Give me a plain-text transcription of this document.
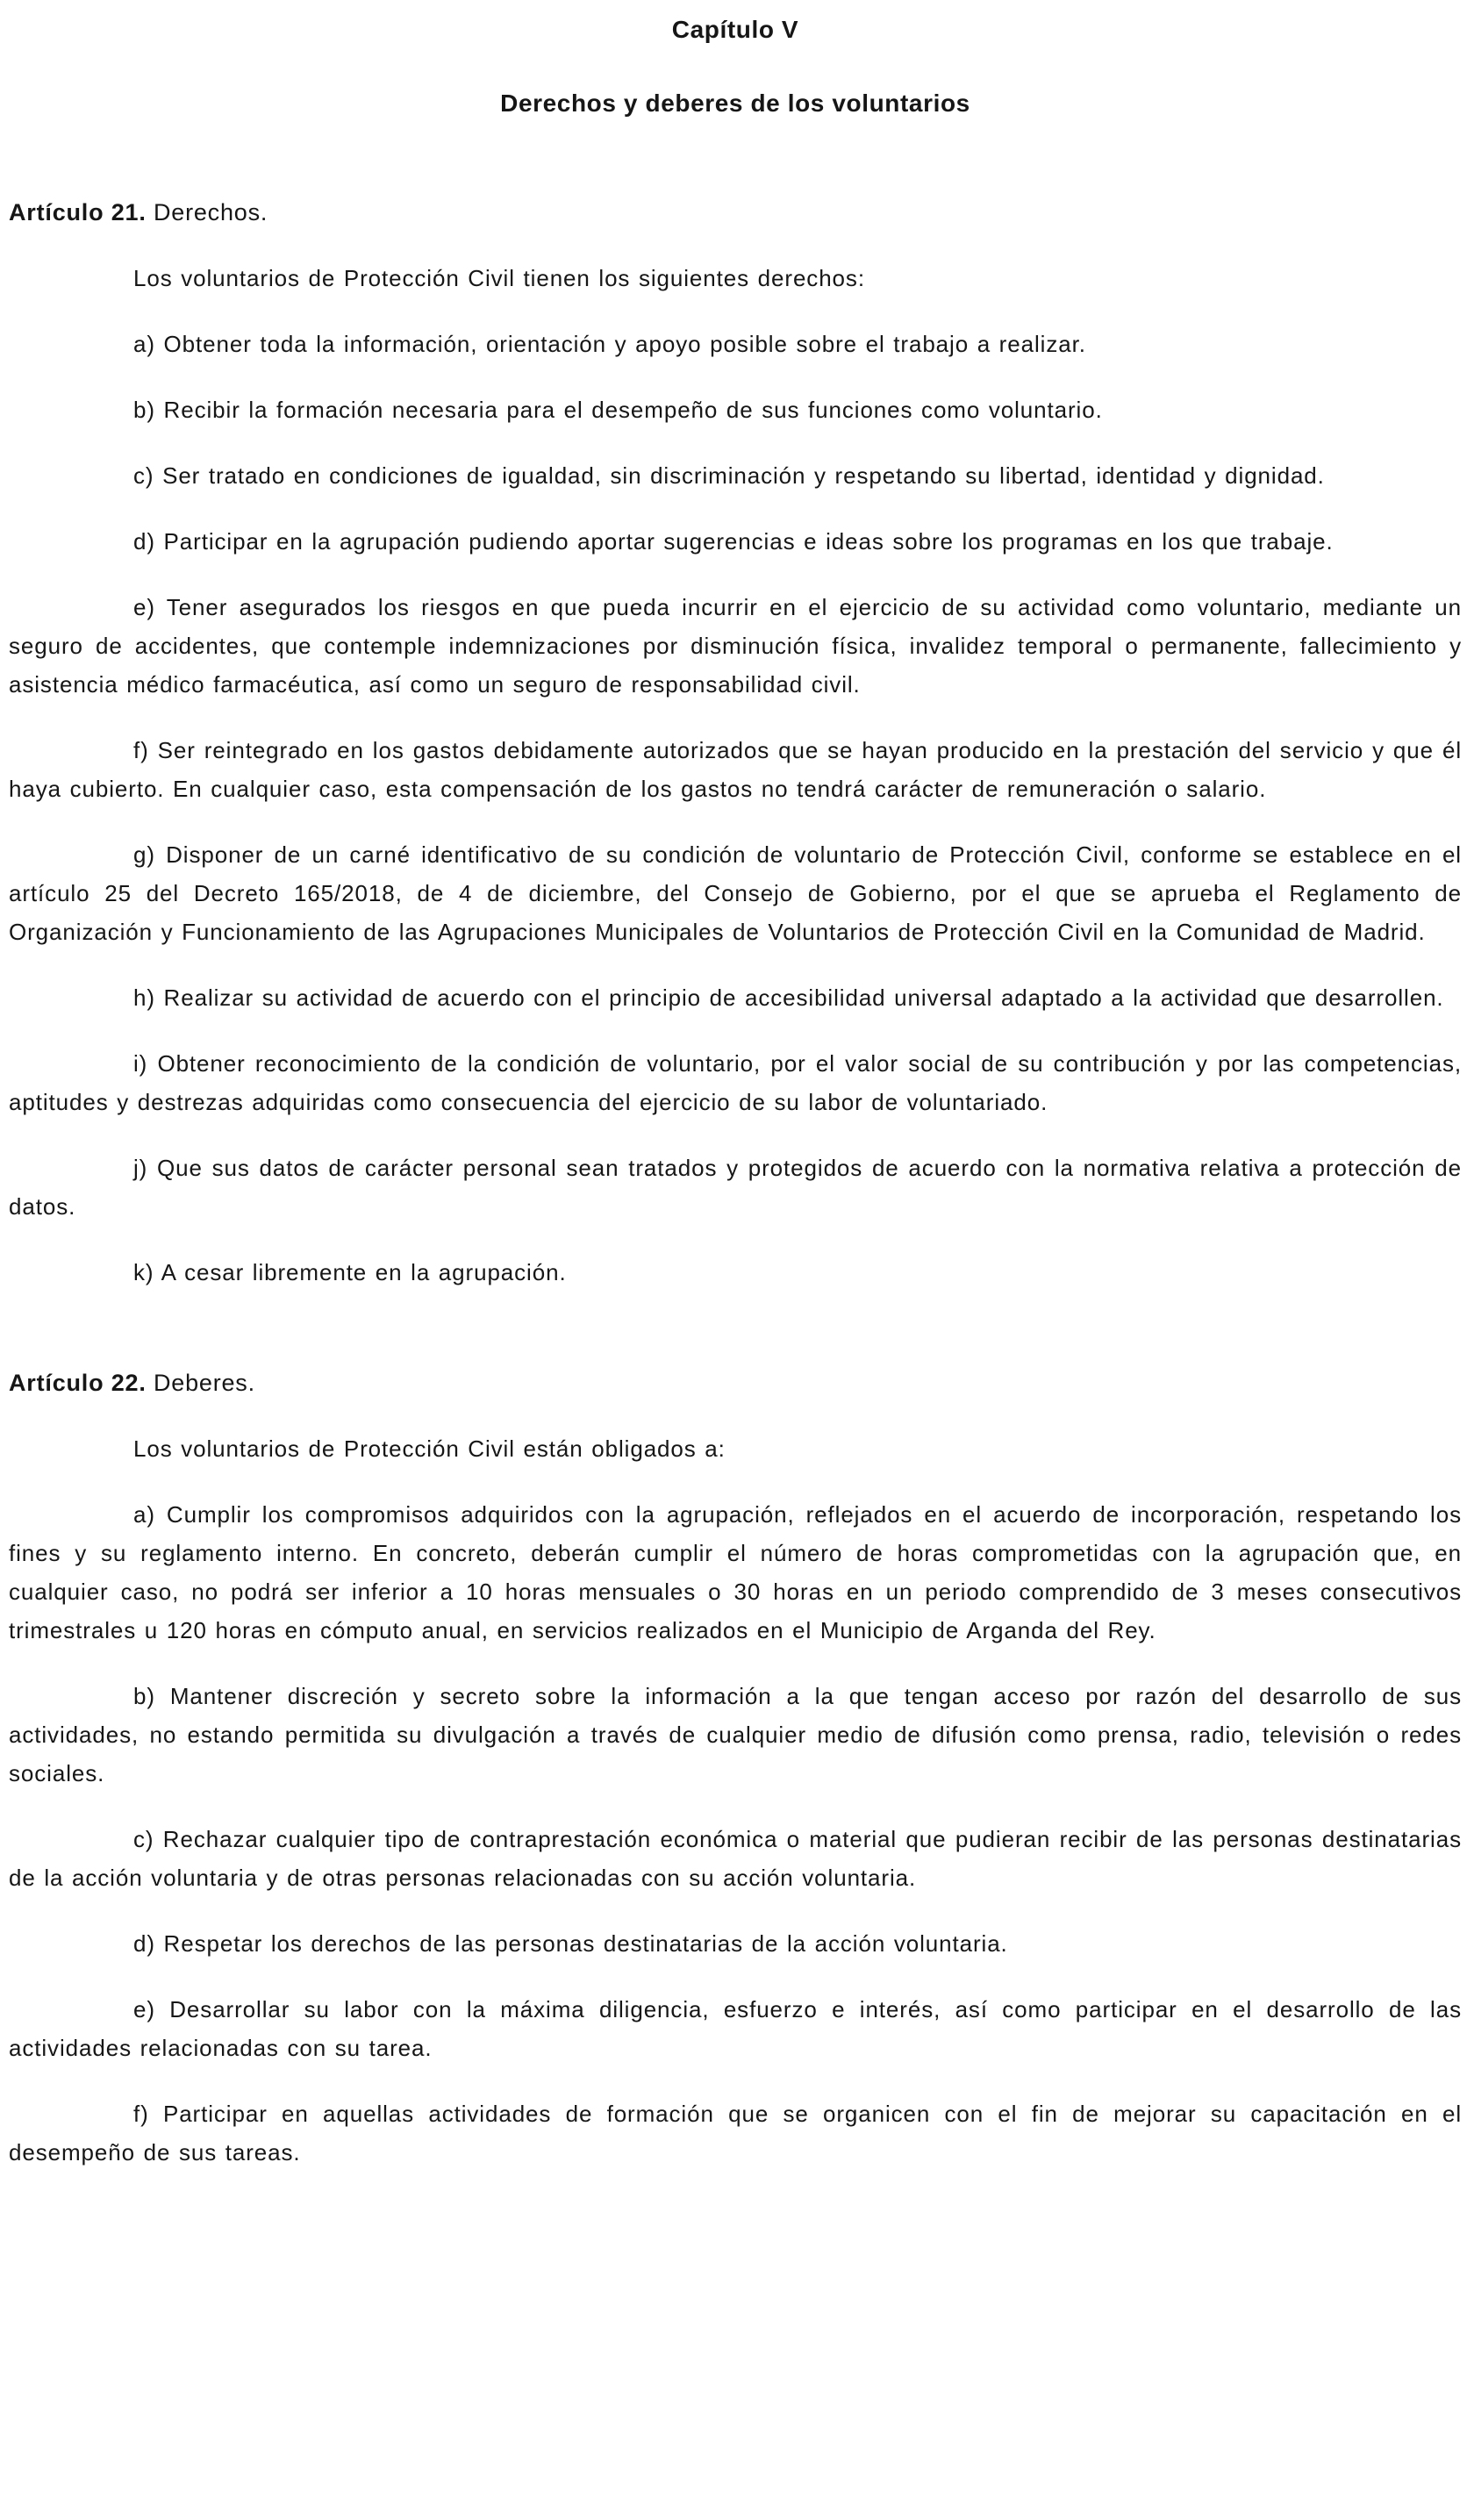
Capítulo V
Derechos y deberes de los voluntarios

Artículo 21. Derechos.

Los voluntarios de Protección Civil tienen los siguientes derechos:

a) Obtener toda la información, orientación y apoyo posible sobre el trabajo a realizar.

b) Recibir la formación necesaria para el desempeño de sus funciones como voluntario.

c) Ser tratado en condiciones de igualdad, sin discriminación y respetando su libertad, identidad y dignidad.

d) Participar en la agrupación pudiendo aportar sugerencias e ideas sobre los programas en los que trabaje.

e) Tener asegurados los riesgos en que pueda incurrir en el ejercicio de su actividad como voluntario, mediante un seguro de accidentes, que contemple indemnizaciones por disminución física, invalidez temporal o permanente, fallecimiento y asistencia médico farmacéutica, así como un seguro de responsabilidad civil.

f) Ser reintegrado en los gastos debidamente autorizados que se hayan producido en la prestación del servicio y que él haya cubierto. En cualquier caso, esta compensación de los gastos no tendrá carácter de remuneración o salario.

g) Disponer de un carné identificativo de su condición de voluntario de Protección Civil, conforme se establece en el artículo 25 del Decreto 165/2018, de 4 de diciembre, del Consejo de Gobierno, por el que se aprueba el Reglamento de Organización y Funcionamiento de las Agrupaciones Municipales de Voluntarios de Protección Civil en la Comunidad de Madrid.

h) Realizar su actividad de acuerdo con el principio de accesibilidad universal adaptado a la actividad que desarrollen.

i) Obtener reconocimiento de la condición de voluntario, por el valor social de su contribución y por las competencias, aptitudes y destrezas adquiridas como consecuencia del ejercicio de su labor de voluntariado.

j) Que sus datos de carácter personal sean tratados y protegidos de acuerdo con la normativa relativa a protección de datos.

k) A cesar libremente en la agrupación.

Artículo 22. Deberes.

Los voluntarios de Protección Civil están obligados a:

a) Cumplir los compromisos adquiridos con la agrupación, reflejados en el acuerdo de incorporación, respetando los fines y su reglamento interno. En concreto, deberán cumplir el número de horas comprometidas con la agrupación que, en cualquier caso, no podrá ser inferior a 10 horas mensuales o 30 horas en un periodo comprendido de 3 meses consecutivos trimestrales u 120 horas en cómputo anual, en servicios realizados en el Municipio de Arganda del Rey.

b) Mantener discreción y secreto sobre la información a la que tengan acceso por razón del desarrollo de sus actividades, no estando permitida su divulgación a través de cualquier medio de difusión como prensa, radio, televisión o redes sociales.

c) Rechazar cualquier tipo de contraprestación económica o material que pudieran recibir de las personas destinatarias de la acción voluntaria y de otras personas relacionadas con su acción voluntaria.

d) Respetar los derechos de las personas destinatarias de la acción voluntaria.

e) Desarrollar su labor con la máxima diligencia, esfuerzo e interés, así como participar en el desarrollo de las actividades relacionadas con su tarea.

f) Participar en aquellas actividades de formación que se organicen con el fin de mejorar su capacitación en el desempeño de sus tareas.
